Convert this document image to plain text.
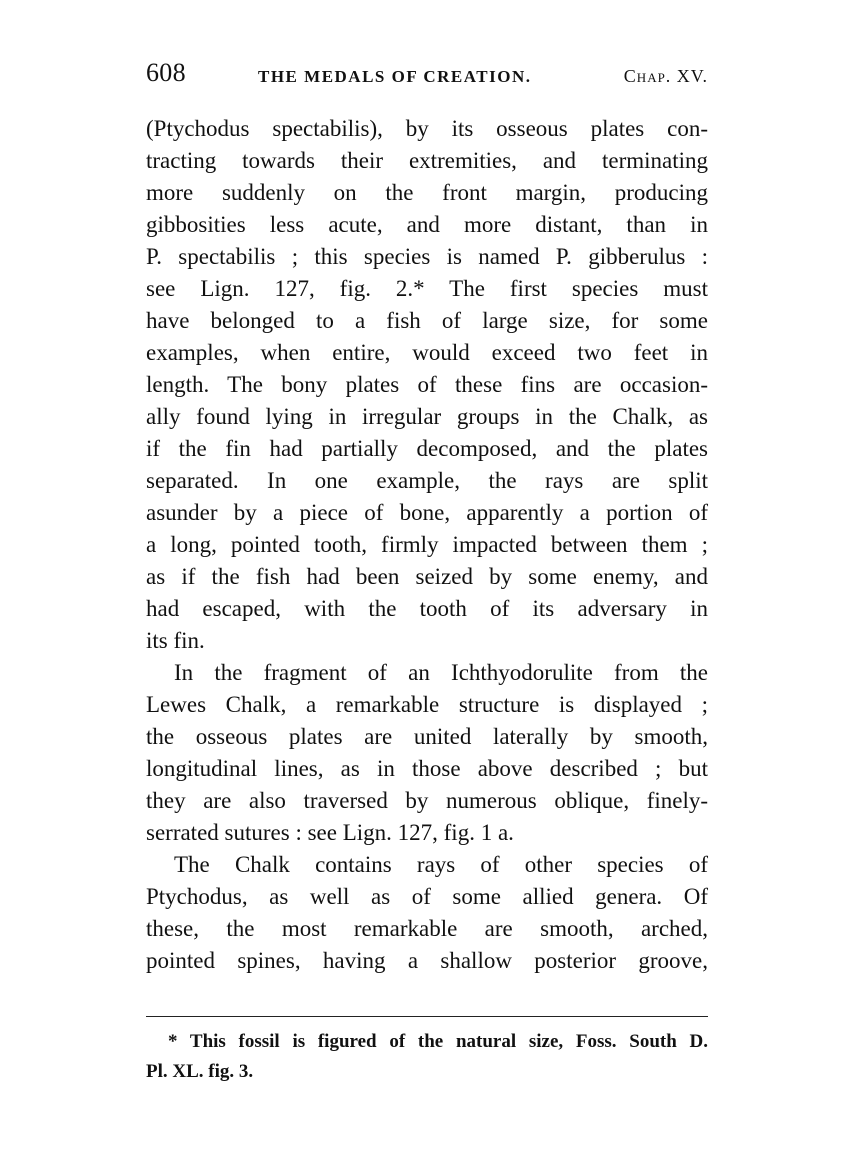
608	THE MEDALS OF CREATION.	Chap. XV.
(Ptychodus spectabilis), by its osseous plates con-
tracting towards their extremities, and terminating
more suddenly on the front margin, producing
gibbosities less acute, and more distant, than in
P. spectabilis ; this species is named P. gibberulus :
see Lign. 127, fig. 2.* The first species must
have belonged to a fish of large size, for some
examples, when entire, would exceed two feet in
length. The bony plates of these fins are occasion-
ally found lying in irregular groups in the Chalk, as
if the fin had partially decomposed, and the plates
separated. In one example, the rays are split
asunder by a piece of bone, apparently a portion of
a long, pointed tooth, firmly impacted between them ;
as if the fish had been seized by some enemy, and
had escaped, with the tooth of its adversary in
its fin.
In the fragment of an Ichthyodorulite from the
Lewes Chalk, a remarkable structure is displayed ;
the osseous plates are united laterally by smooth,
longitudinal lines, as in those above described ; but
they are also traversed by numerous oblique, finely-
serrated sutures : see Lign. 127, fig. 1 a.
The Chalk contains rays of other species of
Ptychodus, as well as of some allied genera. Of
these, the most remarkable are smooth, arched,
pointed spines, having a shallow posterior groove,
* This fossil is figured of the natural size, Foss. South D.
Pl. XL. fig. 3.
